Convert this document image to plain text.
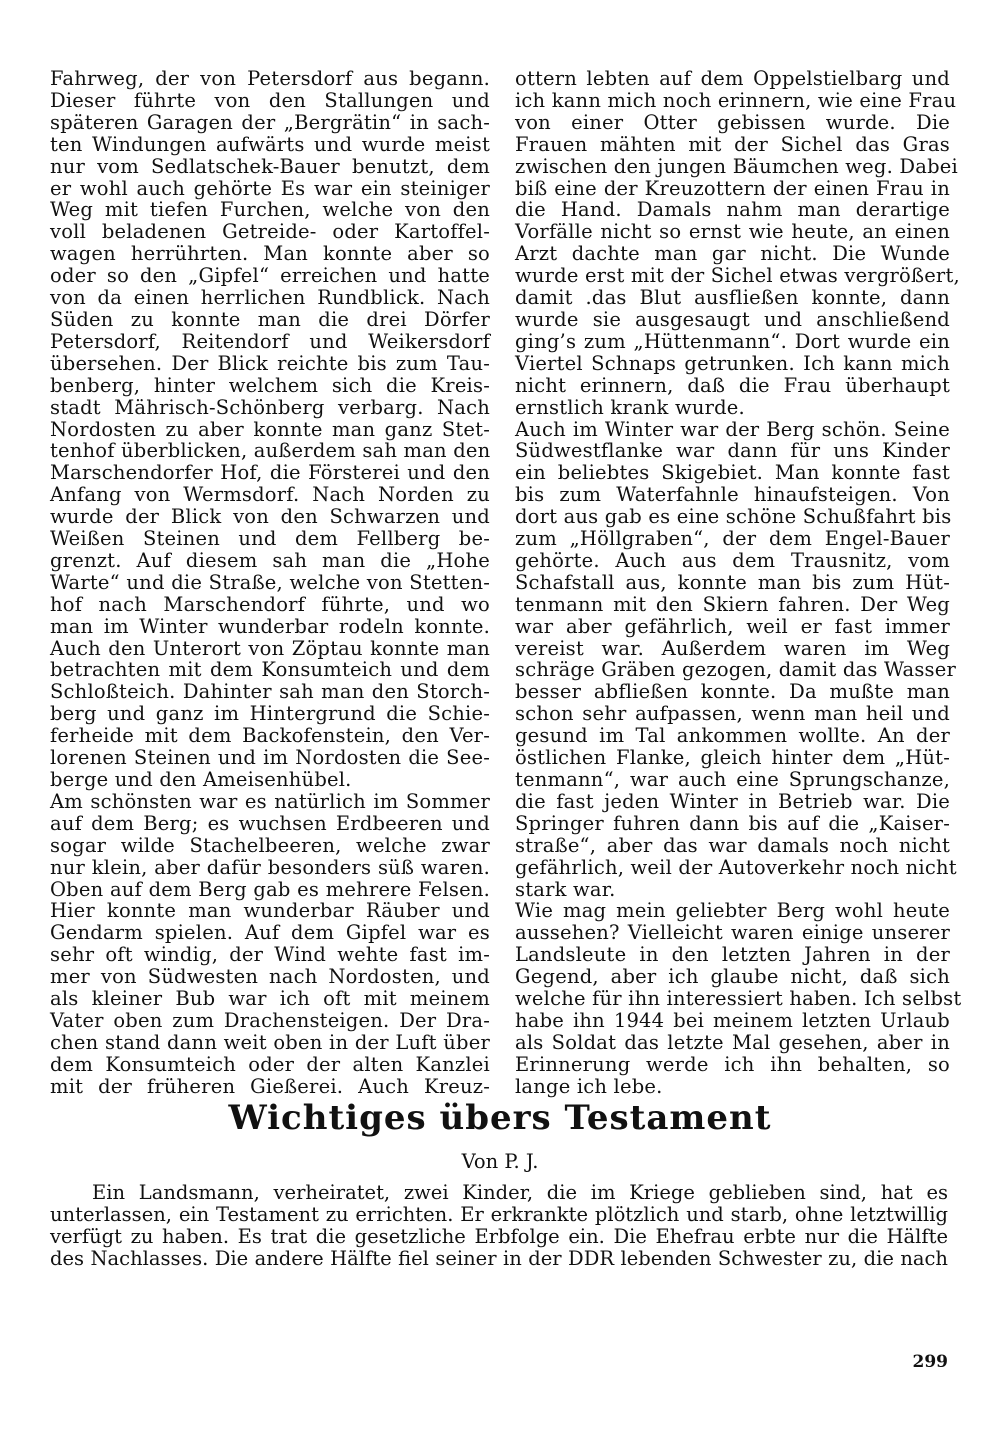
Fahrweg, der von Petersdorf aus begann.
Dieser führte von den Stallungen und
späteren Garagen der „Bergrätin“ in sach-
ten Windungen aufwärts und wurde meist
nur vom Sedlatschek-Bauer benutzt, dem
er wohl auch gehörte Es war ein steiniger
Weg mit tiefen Furchen, welche von den
voll beladenen Getreide- oder Kartoffel-
wagen herrührten. Man konnte aber so
oder so den „Gipfel“ erreichen und hatte
von da einen herrlichen Rundblick. Nach
Süden zu konnte man die drei Dörfer
Petersdorf, Reitendorf und Weikersdorf
übersehen. Der Blick reichte bis zum Tau-
benberg, hinter welchem sich die Kreis-
stadt Mährisch-Schönberg verbarg. Nach
Nordosten zu aber konnte man ganz Stet-
tenhof überblicken, außerdem sah man den
Marschendorfer Hof, die Försterei und den
Anfang von Wermsdorf. Nach Norden zu
wurde der Blick von den Schwarzen und
Weißen Steinen und dem Fellberg be-
grenzt. Auf diesem sah man die „Hohe
Warte“ und die Straße, welche von Stetten-
hof nach Marschendorf führte, und wo
man im Winter wunderbar rodeln konnte.
Auch den Unterort von Zöptau konnte man
betrachten mit dem Konsumteich und dem
Schloßteich. Dahinter sah man den Storch-
berg und ganz im Hintergrund die Schie-
ferheide mit dem Backofenstein, den Ver-
lorenen Steinen und im Nordosten die See-
berge und den Ameisenhübel.
Am schönsten war es natürlich im Sommer
auf dem Berg; es wuchsen Erdbeeren und
sogar wilde Stachelbeeren, welche zwar
nur klein, aber dafür besonders süß waren.
Oben auf dem Berg gab es mehrere Felsen.
Hier konnte man wunderbar Räuber und
Gendarm spielen. Auf dem Gipfel war es
sehr oft windig, der Wind wehte fast im-
mer von Südwesten nach Nordosten, und
als kleiner Bub war ich oft mit meinem
Vater oben zum Drachensteigen. Der Dra-
chen stand dann weit oben in der Luft über
dem Konsumteich oder der alten Kanzlei
mit der früheren Gießerei. Auch Kreuz-
ottern lebten auf dem Oppelstielbarg und
ich kann mich noch erinnern, wie eine Frau
von einer Otter gebissen wurde. Die
Frauen mähten mit der Sichel das Gras
zwischen den jungen Bäumchen weg. Dabei
biß eine der Kreuzottern der einen Frau in
die Hand. Damals nahm man derartige
Vorfälle nicht so ernst wie heute, an einen
Arzt dachte man gar nicht. Die Wunde
wurde erst mit der Sichel etwas vergrößert,
damit .das Blut ausfließen konnte, dann
wurde sie ausgesaugt und anschließend
ging’s zum „Hüttenmann“. Dort wurde ein
Viertel Schnaps getrunken. Ich kann mich
nicht erinnern, daß die Frau überhaupt
ernstlich krank wurde.
Auch im Winter war der Berg schön. Seine
Südwestflanke war dann für uns Kinder
ein beliebtes Skigebiet. Man konnte fast
bis zum Waterfahnle hinaufsteigen. Von
dort aus gab es eine schöne Schußfahrt bis
zum „Höllgraben“, der dem Engel-Bauer
gehörte. Auch aus dem Trausnitz, vom
Schafstall aus, konnte man bis zum Hüt-
tenmann mit den Skiern fahren. Der Weg
war aber gefährlich, weil er fast immer
vereist war. Außerdem waren im Weg
schräge Gräben gezogen, damit das Wasser
besser abfließen konnte. Da mußte man
schon sehr aufpassen, wenn man heil und
gesund im Tal ankommen wollte. An der
östlichen Flanke, gleich hinter dem „Hüt-
tenmann“, war auch eine Sprungschanze,
die fast jeden Winter in Betrieb war. Die
Springer fuhren dann bis auf die „Kaiser-
straße“, aber das war damals noch nicht
gefährlich, weil der Autoverkehr noch nicht
stark war.
Wie mag mein geliebter Berg wohl heute
aussehen? Vielleicht waren einige unserer
Landsleute in den letzten Jahren in der
Gegend, aber ich glaube nicht, daß sich
welche für ihn interessiert haben. Ich selbst
habe ihn 1944 bei meinem letzten Urlaub
als Soldat das letzte Mal gesehen, aber in
Erinnerung werde ich ihn behalten, so
lange ich lebe.
Wichtiges übers Testament

Von P. J.

Ein Landsmann, verheiratet, zwei Kinder, die im Kriege geblieben sind, hat es
unterlassen, ein Testament zu errichten. Er erkrankte plötzlich und starb, ohne letztwillig
verfügt zu haben. Es trat die gesetzliche Erbfolge ein. Die Ehefrau erbte nur die Hälfte
des Nachlasses. Die andere Hälfte fiel seiner in der DDR lebenden Schwester zu, die nach
299
